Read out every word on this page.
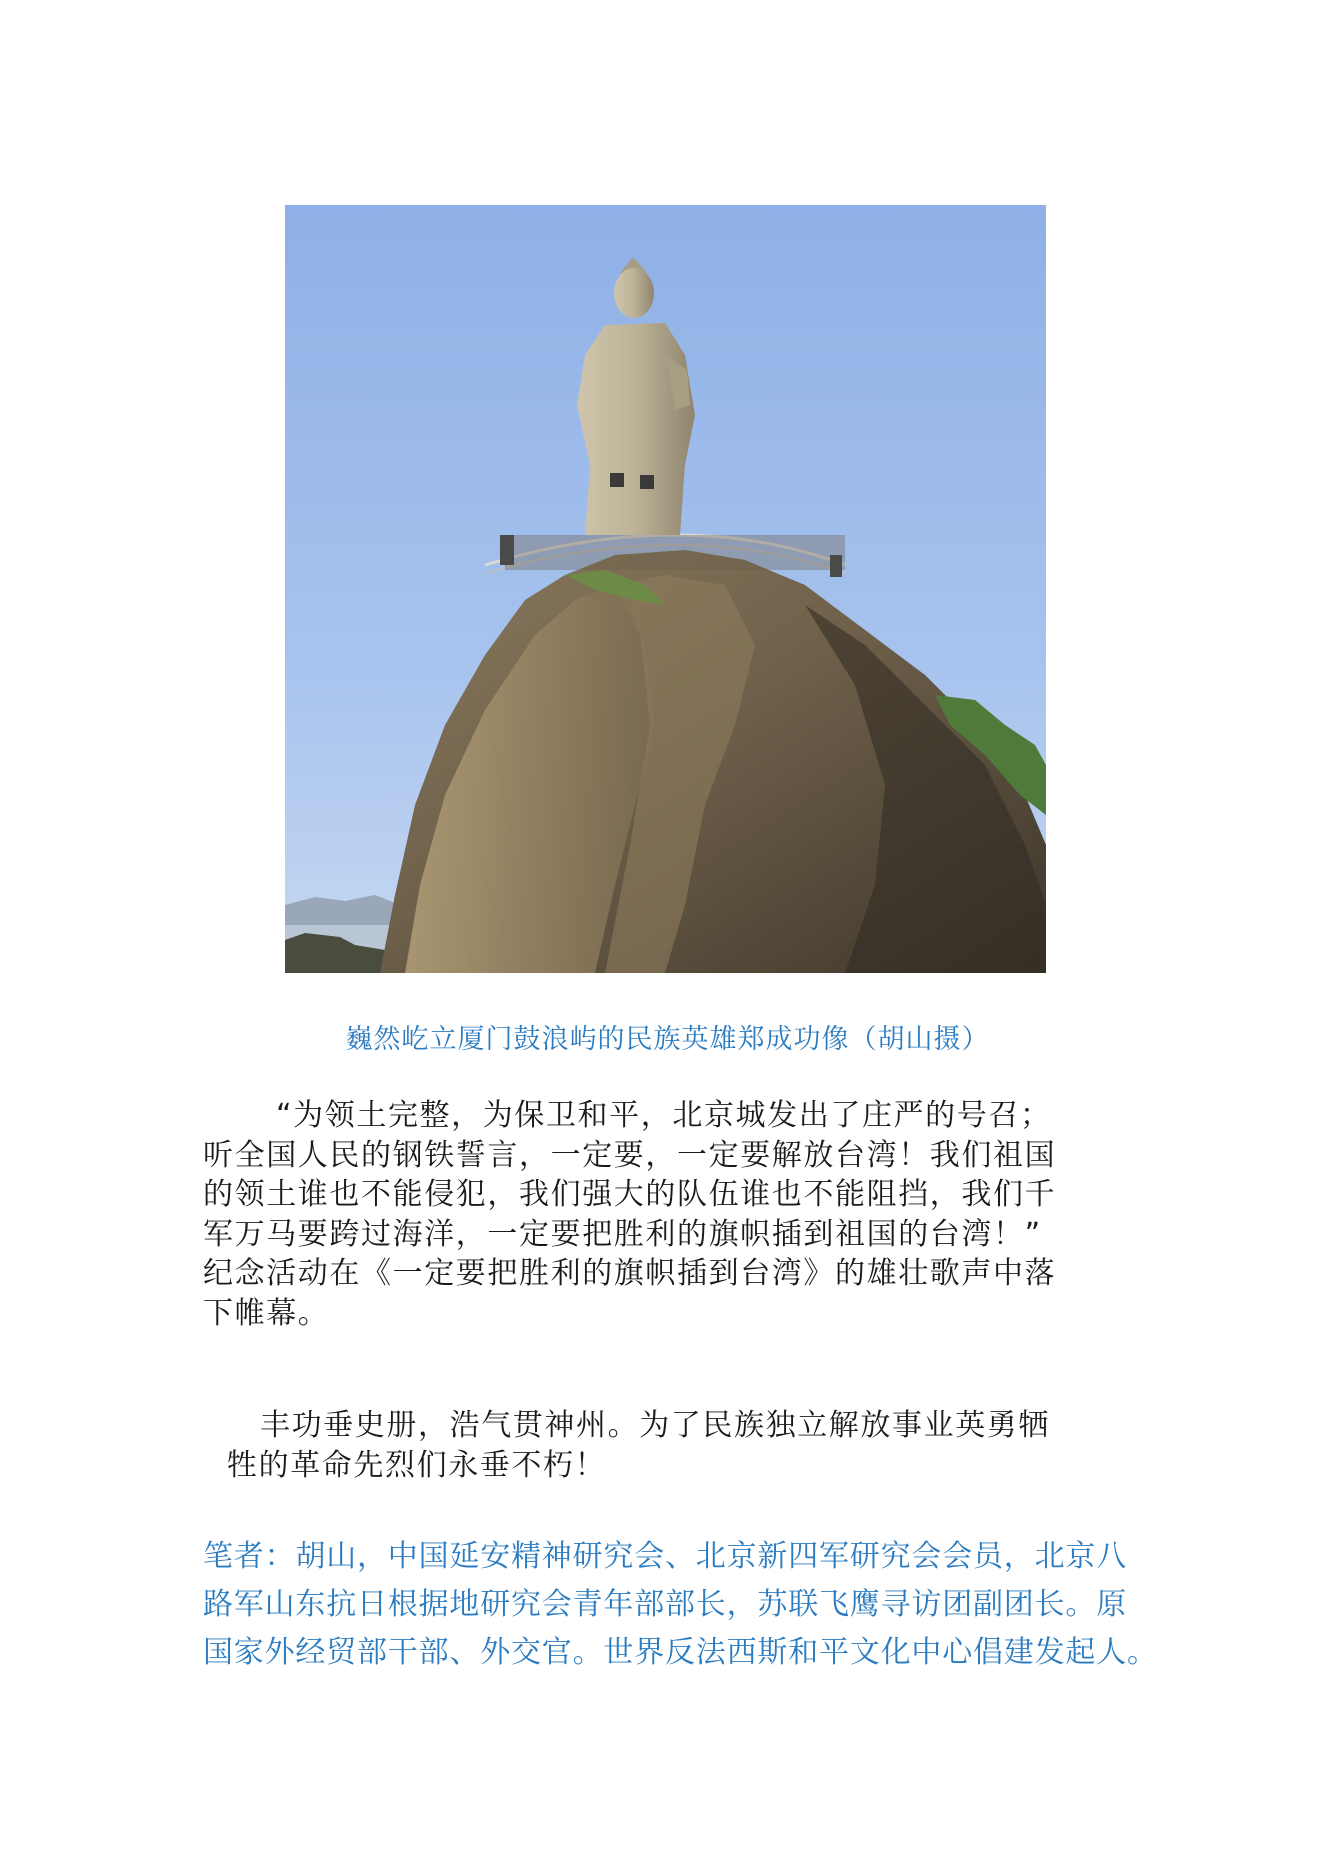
巍然屹立厦门鼓浪屿的民族英雄郑成功像（胡山摄）

“为领土完整，为保卫和平，北京城发出了庄严的号召；
听全国人民的钢铁誓言，一定要，一定要解放台湾！我们祖国
的领土谁也不能侵犯，我们强大的队伍谁也不能阻挡，我们千
军万马要跨过海洋，一定要把胜利的旗帜插到祖国的台湾！”
纪念活动在《一定要把胜利的旗帜插到台湾》的雄壮歌声中落
下帷幕。

丰功垂史册，浩气贯神州。为了民族独立解放事业英勇牺
牲的革命先烈们永垂不朽！

笔者：胡山，中国延安精神研究会、北京新四军研究会会员，北京八
路军山东抗日根据地研究会青年部部长，苏联飞鹰寻访团副团长。原
国家外经贸部干部、外交官。世界反法西斯和平文化中心倡建发起人。
